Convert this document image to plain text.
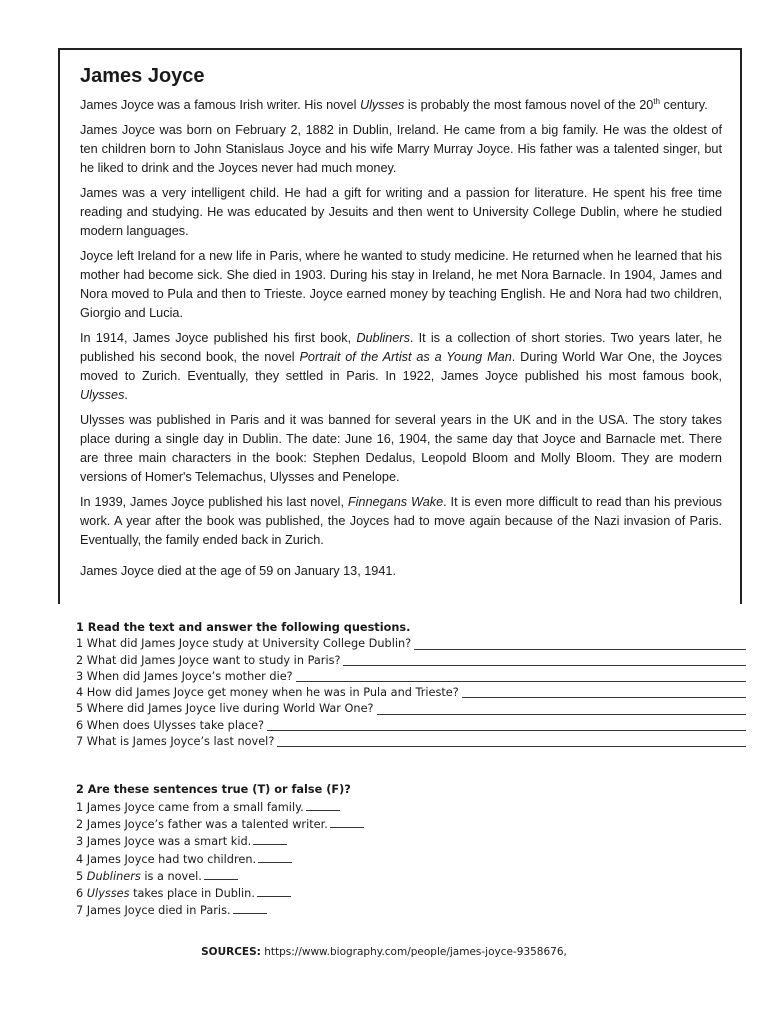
James Joyce

James Joyce was a famous Irish writer. His novel Ulysses is probably the most famous novel of the 20th century.

James Joyce was born on February 2, 1882 in Dublin, Ireland. He came from a big family. He was the oldest of ten children born to John Stanislaus Joyce and his wife Marry Murray Joyce. His father was a talented singer, but he liked to drink and the Joyces never had much money.

James was a very intelligent child. He had a gift for writing and a passion for literature. He spent his free time reading and studying. He was educated by Jesuits and then went to University College Dublin, where he studied modern languages.

Joyce left Ireland for a new life in Paris, where he wanted to study medicine. He returned when he learned that his mother had become sick. She died in 1903. During his stay in Ireland, he met Nora Barnacle. In 1904, James and Nora moved to Pula and then to Trieste. Joyce earned money by teaching English. He and Nora had two children, Giorgio and Lucia.

In 1914, James Joyce published his first book, Dubliners. It is a collection of short stories. Two years later, he published his second book, the novel Portrait of the Artist as a Young Man. During World War One, the Joyces moved to Zurich. Eventually, they settled in Paris. In 1922, James Joyce published his most famous book, Ulysses.

Ulysses was published in Paris and it was banned for several years in the UK and in the USA. The story takes place during a single day in Dublin. The date: June 16, 1904, the same day that Joyce and Barnacle met. There are three main characters in the book: Stephen Dedalus, Leopold Bloom and Molly Bloom. They are modern versions of Homer's Telemachus, Ulysses and Penelope.

In 1939, James Joyce published his last novel, Finnegans Wake. It is even more difficult to read than his previous work. A year after the book was published, the Joyces had to move again because of the Nazi invasion of Paris. Eventually, the family ended back in Zurich.

James Joyce died at the age of 59 on January 13, 1941.

1 Read the text and answer the following questions.

1 What did James Joyce study at University College Dublin?
2 What did James Joyce want to study in Paris?
3 When did James Joyce’s mother die?
4 How did James Joyce get money when he was in Pula and Trieste?
5 Where did James Joyce live during World War One?
6 When does Ulysses take place?
7 What is James Joyce’s last novel?

2 Are these sentences true (T) or false (F)?

1 James Joyce came from a small family.
2 James Joyce’s father was a talented writer.
3 James Joyce was a smart kid.
4 James Joyce had two children.
5 Dubliners is a novel.
6 Ulysses takes place in Dublin.
7 James Joyce died in Paris.
SOURCES: https://www.biography.com/people/james-joyce-9358676,
